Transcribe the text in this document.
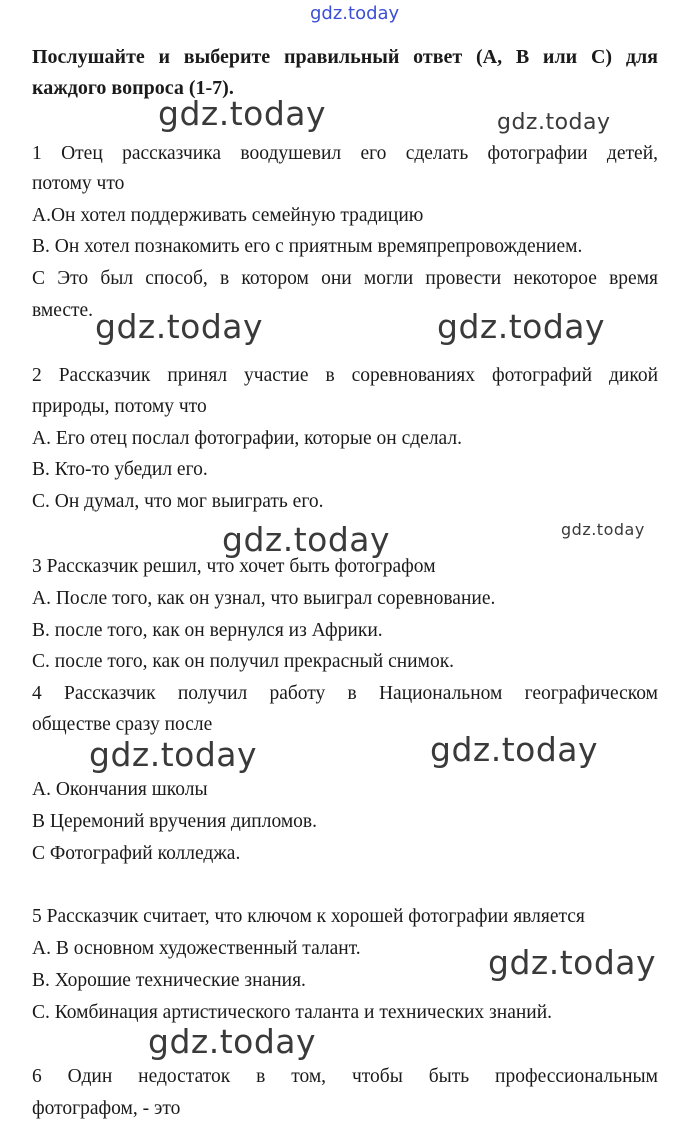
gdz.today
Послушайте и выберите правильный ответ (A, B или C) для каждого вопроса (1-7).
gdz.today	gdz.today
gdz.today	gdz.today
gdz.today	gdz.today
gdz.today	gdz.today
gdz.today
gdz.today
1 Отец рассказчика воодушевил его сделать фотографии детей,
потому что
А.Он хотел поддерживать семейную традицию
В. Он хотел познакомить его с приятным времяпрепровождением.
С Это был способ, в котором они могли провести некоторое время
вместе.
2 Рассказчик принял участие в соревнованиях фотографий дикой
природы, потому что
А. Его отец послал фотографии, которые он сделал.
В. Кто-то убедил его.
С. Он думал, что мог выиграть его.
3 Рассказчик решил, что хочет быть фотографом
А. После того, как он узнал, что выиграл соревнование.
В. после того, как он вернулся из Африки.
С. после того, как он получил прекрасный снимок.
4 Рассказчик получил работу в Национальном географическом
обществе сразу после
А. Окончания школы
В Церемоний вручения дипломов.
С Фотографий колледжа.
5 Рассказчик считает, что ключом к хорошей фотографии является
А. В основном художественный талант.
В. Хорошие технические знания.
С. Комбинация артистического таланта и технических знаний.
6 Один недостаток в том, чтобы быть профессиональным
фотографом, - это
